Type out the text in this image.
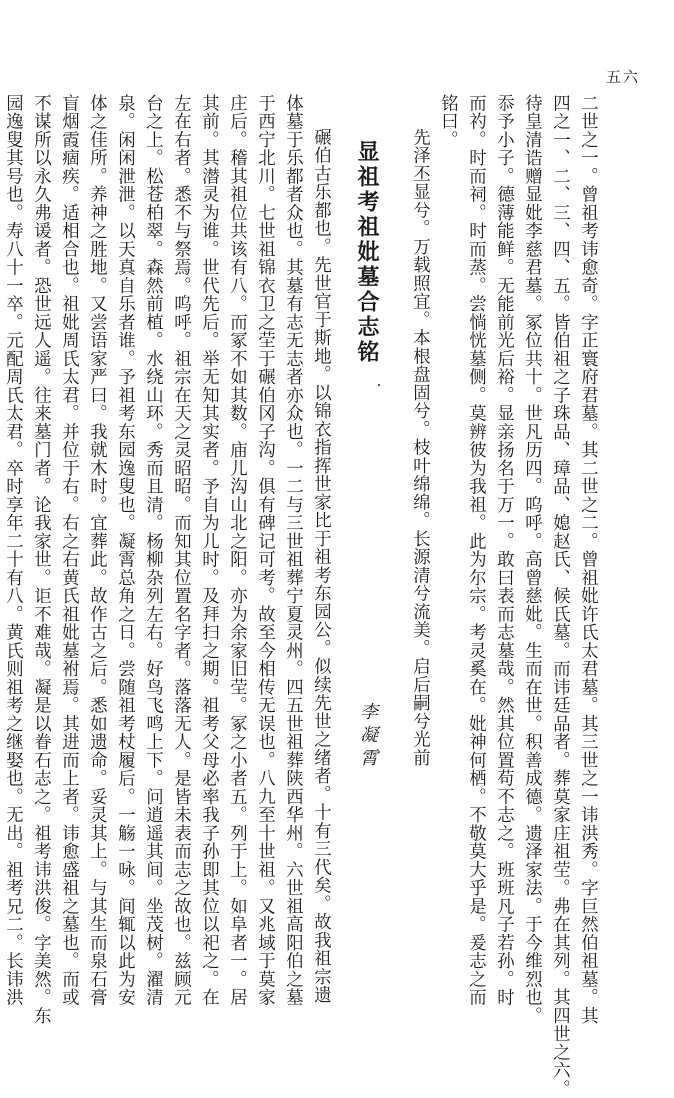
五六
二世之一。曾祖考讳愈奇。字正寰府君墓。其二世之二。曾祖妣许氏太君墓。其三世之一讳洪秀。字巨然伯祖墓。其
四之一、二、三、四、五。皆伯祖之子珠品、璋品、媳赵氏、候氏墓。而讳廷品者。葬莫家庄祖茔。弗在其列。其四世之六。
待皇清诰赠显妣李慈君墓。冢位共十。世凡历四。呜呼。高曾慈妣。生而在世。积善成德。遗泽家法。于今维烈也。
忝予小子。德薄能鲜。无能前光后裕。显亲扬名于万一。敢曰表而志墓哉。然其位置苟不志之。班班凡子若孙。时
而礿。时而祠。时而蒸。尝惝恍墓侧。莫辨彼为我祖。此为尔宗。考灵奚在。妣神何栖。不敬莫大乎是。爰志之而
铭曰。
先泽丕显兮。万载照宜。本根盘固兮。枝叶绵绵。长源清兮流美。启后嗣兮光前
显祖考祖妣墓合志铭
李凝霄
碾伯古乐都也。先世官于斯地。以锦衣指挥世家比于祖考东园公。似续先世之绪者。十有三代矣。故我祖宗遗
体墓于乐都者众也。其墓有志无志者亦众也。一二与三世祖葬宁夏灵州。四五世祖葬陕西华州。六世祖高阳伯之墓
于西宁北川。七世祖锦衣卫之茔于碾伯冈子沟。俱有碑记可考。故至今相传无误也。八九至十世祖。又兆域于莫家
庄后。稽其祖位共该有八。而冢不如其数。庙儿沟山北之阳。亦为余家旧茔。冢之小者五。列于上。如阜者一。居
其前。其潜灵为谁。世代先后。举无知其实者。予自为儿时。及拜扫之期。祖考父母必率我子孙即其位以祀之。在
左在右者。悉不与祭焉。呜呼。祖宗在天之灵昭昭。而知其位置名字者。落落无人。是皆未表而志之故也。兹顾元
台之上。松苍柏翠。森然前植。水绕山环。秀而且清。杨柳杂列左右。好鸟飞鸣上下。问逍遥其间。坐茂树。濯清
泉。闲闲泄泄。以天真自乐者谁。予祖考东园逸叟也。凝霄总角之日。尝随祖考杖履后。一觞一咏。间辄以此为安
体之佳所。养神之胜地。又尝语家严曰。我就木时。宜葬此。故作古之后。悉如遗命。妥灵其上。与其生而泉石膏
盲烟霞痼疾。适相合也。祖妣周氏太君。并位于右。右之右黄氏祖妣墓袝焉。其进而上者。讳愈盛祖之墓也。而或
不谋所以永久弗谖者。恐世远人遥。往来墓门者。论我家世。讵不难哉。凝是以眷石志之。祖考讳洪俊。字美然。东
园逸叟其号也。寿八十一卒。元配周氏太君。卒时享年二十有八。黄氏则祖考之继娶也。无出。祖考兄二。长讳洪
